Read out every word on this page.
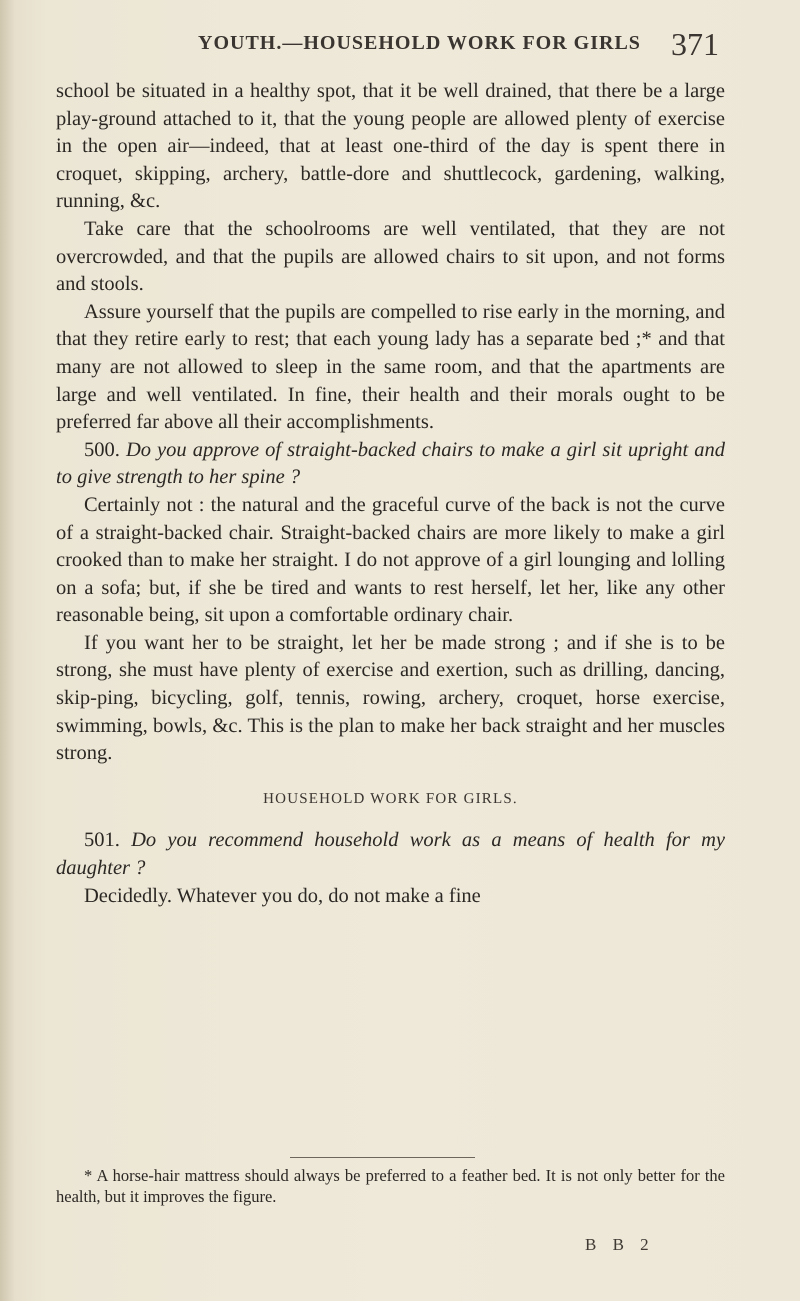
YOUTH.—HOUSEHOLD WORK FOR GIRLS 371

school be situated in a healthy spot, that it be well drained, that there be a large play-ground attached to it, that the young people are allowed plenty of exercise in the open air—indeed, that at least one-third of the day is spent there in croquet, skipping, archery, battle-dore and shuttlecock, gardening, walking, running, &c.

Take care that the schoolrooms are well ventilated, that they are not overcrowded, and that the pupils are allowed chairs to sit upon, and not forms and stools.

Assure yourself that the pupils are compelled to rise early in the morning, and that they retire early to rest; that each young lady has a separate bed ;* and that many are not allowed to sleep in the same room, and that the apartments are large and well ventilated. In fine, their health and their morals ought to be preferred far above all their accomplishments.

500. Do you approve of straight-backed chairs to make a girl sit upright and to give strength to her spine ?

Certainly not : the natural and the graceful curve of the back is not the curve of a straight-backed chair. Straight-backed chairs are more likely to make a girl crooked than to make her straight. I do not approve of a girl lounging and lolling on a sofa; but, if she be tired and wants to rest herself, let her, like any other reasonable being, sit upon a comfortable ordinary chair.

If you want her to be straight, let her be made strong ; and if she is to be strong, she must have plenty of exercise and exertion, such as drilling, dancing, skip-ping, bicycling, golf, tennis, rowing, archery, croquet, horse exercise, swimming, bowls, &c. This is the plan to make her back straight and her muscles strong.

HOUSEHOLD WORK FOR GIRLS.

501. Do you recommend household work as a means of health for my daughter ?

Decidedly. Whatever you do, do not make a fine

* A horse-hair mattress should always be preferred to a feather bed. It is not only better for the health, but it improves the figure.

B B 2
